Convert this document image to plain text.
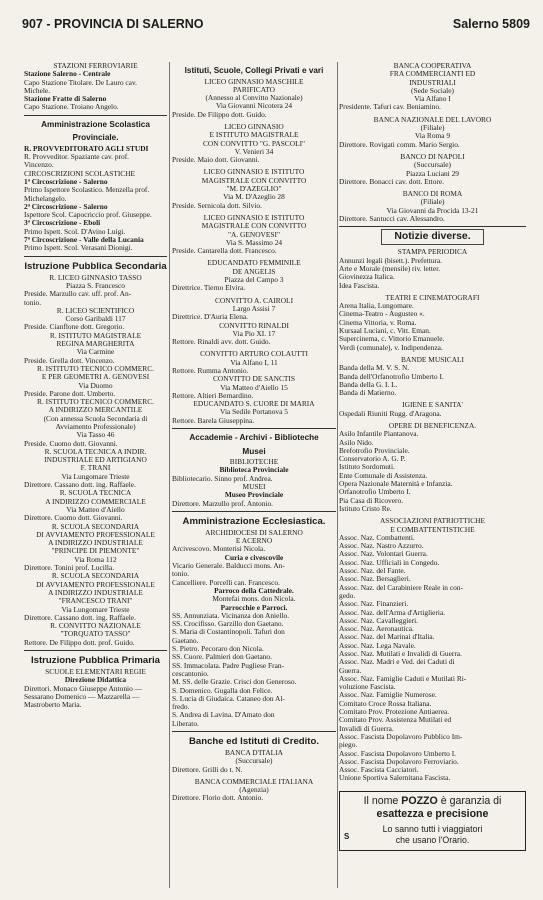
907 - PROVINCIA DI SALERNO	Salerno 5809
STAZIONI FERROVIARIE
Stazione Salerno - Centrale
Capo Stazione Titolare. De Lauro cav.
Michele.
Stazione Fratte di Salerno
Capo Stazione. Troiano Angelo.
Amministrazione Scolastica
Provinciale.
R. PROVVEDITORATO AGLI STUDI
R. Provveditor. Spaziante cav. prof.
Vincenzo.
CIRCOSCRIZIONI SCOLASTICHE
1ª Circoscrizione - Salerno
Primo Ispettore Scolastico. Menzella prof.
Michelangelo.
2ª Circoscrizione - Salerno
Ispettore Scol. Capocriccio prof. Giuseppe.
3ª Circoscrizione - Eboli
Primo Ispett. Scol. D'Avino Luigi.
7ª Circoscrizione - Valle della Lucania
Primo Ispett. Scol. Verasani Dionigi.
Istruzione Pubblica Secondaria
R. LICEO GINNASIO TASSO
Piazza S. Francesco
Preside. Marzullo cav. uff. prof. An-
tonio.
R. LICEO SCIENTIFICO
Corso Garibaldi 117
Preside. Cianflone dott. Gregorio.
R. ISTITUTO MAGISTRALE
REGINA MARGHERITA
Via Carmine
Preside. Grella dott. Vincenzo.
R. ISTITUTO TECNICO COMMERC.
E PER GEOMETRI A. GENOVESI
Via Duomo
Preside. Parone dott. Umberto.
R. ISTITUTO TECNICO COMMERC.
A INDIRIZZO MERCANTILE
(Con annessa Scuola Secondaria di
Avviamento Professionale)
Via Tasso 46
Preside. Cuomo dott. Giovanni.
R. SCUOLA TECNICA A INDIR.
INDUSTRIALE ED ARTIGIANO
F. TRANI
Via Lungomare Trieste
Direttore. Cassano dott. ing. Raffaele.
R. SCUOLA TECNICA
A INDIRIZZO COMMERCIALE
Via Matteo d'Aiello
Direttore. Cuomo dott. Giovanni.
R. SCUOLA SECONDARIA
DI AVVIAMENTO PROFESSIONALE
A INDIRIZZO INDUSTRIALE
"PRINCIPE DI PIEMONTE"
Via Roma 112
Direttore. Tonini prof. Lucilla.
R. SCUOLA SECONDARIA
DI AVVIAMENTO PROFESSIONALE
A INDIRIZZO INDUSTRIALE
"FRANCESCO TRANI"
Via Lungomare Trieste
Direttore. Cassano dott. ing. Raffaele.
R. CONVITTO NAZIONALE
"TORQUATO TASSO"
Rettore. De Filippo dott. prof. Guido.
Istruzione Pubblica Primaria
SCUOLE ELEMENTARI REGIE
Direzione Didattica
Direttori. Monaco Giuseppe Antonio —
Sessarano Domenico — Mazzarella —
Mastroberto Maria.
Istituti, Scuole, Collegi Privati e vari
LICEO GINNASIO MASCHILE
PARIFICATO
(Annesso al Convitto Nazionale)
Via Giovanni Nicotera 24
Preside. De Filippo dott. Guido.
LICEO GINNASIO
E ISTITUTO MAGISTRALE
CON CONVITTO "G. PASCOLI"
V. Venieri 34
Preside. Maio dott. Giovanni.
LICEO GINNASIO E ISTITUTO
MAGISTRALE CON CONVITTO
"M. D'AZEGLIO"
Via M. D'Azeglio 28
Preside. Sernicola dott. Silvio.
LICEO GINNASIO E ISTITUTO
MAGISTRALE CON CONVITTO
"A. GENOVESI"
Via S. Massimo 24
Preside. Cantarella dott. Francesco.
EDUCANDATO FEMMINILE
DE ANGELIS
Piazza del Campo 3
Direttrice. Tierno Elvira.
CONVITTO A. CAIROLI
Largo Assisi 7
Direttrice. D'Auria Elena.
CONVITTO RINALDI
Via Pio XI. 17
Rettore. Rinaldi avv. dott. Guido.
CONVITTO ARTURO COLAUTTI
Via Alfano I, 11
Rettore. Rumma Antonio.
CONVITTO DE SANCTIS
Via Matteo d'Aiello 15
Rettore. Altieri Bernardino.
EDUCANDATO S. CUORE DI MARIA
Via Sedile Portanova 5
Rettore. Barela Giuseppina.
Accademie - Archivi - Biblioteche
Musei
BIBLIOTECHE
Biblioteca Provinciale
Bibliotecario. Sinno prof. Andrea.
MUSEI
Museo Provinciale
Direttore. Marzullo prof. Antonio.
Amministrazione Ecclesiastica.
ARCHIDIOCESI DI SALERNO
E ACERNO
Arcivescovo. Monterisi Nicola.
Curia e civescovile
Vicario Generale. Balducci mons. An-
tonio.
Cancelliere. Porcelli can. Francesco.
Parroco della Cattedrale.
Montefai mons. don Nicola.
Parrocchie e Parroci.
SS. Annunziata. Vicinanza don Aniello.
SS. Crocifisso. Garzillo don Gaetano.
S. Maria di Costantinopoli. Tafuri don
Gaetano.
S. Pietro. Pecoraro don Nicola.
SS. Cuore. Palmieri don Gaetano.
SS. Immacolata. Padre Pugliese Fran-
cescantonio.
M. SS. delle Grazie. Crisci don Generoso.
S. Domenico. Gugalla don Felice.
S. Lucia di Giudaica. Cataneo don Al-
fredo.
S. Andrea di Lavina. D'Amato don
Liberato.
Banche ed Istituti di Credito.
BANCA D'ITALIA
(Succursale)
Direttore. Grilli do t. N.
BANCA COMMERCIALE ITALIANA
(Agenzia)
Direttore. Florio dott. Antonio.
BANCA COOPERATIVA
FRA COMMERCIANTI ED
INDUSTRIALI
(Sede Sociale)
Via Alfano I
Presidente. Tafuri cav. Beniamino.
BANCA NAZIONALE DEL LAVORO
(Filiale)
Via Roma 9
Direttore. Rovigati comm. Mario Sergio.
BANCO DI NAPOLI
(Succursale)
Piazza Luciani 29
Direttore. Bonacci cav. dott. Ettore.
BANCO DI ROMA
(Filiale)
Via Giovanni da Procida 13-21
Direttore. Santucci cav. Alessandro.
Notizie diverse.
STAMPA PERIODICA
Annunzi legali (bisett.). Prefettura.
Arte e Morale (mensile) riv. letter.
Giovinezza Italica.
Idea Fascista.
TEATRI E CINEMATOGRAFI
Arena Italia, Lungomare.
Cinema-Teatro - Augusteo «.
Cinema Vittoria, v. Roma.
Kursaal Luciani, c. Vitt. Eman.
Supercinema, c. Vittorio Emanuele.
Verdi (comunale), v. Indipendenza.
BANDE MUSICALI
Banda della M. V. S. N.
Banda dell'Orfanotrofio Umberto I.
Banda della G. I. L.
Banda di Matierno.
IGIENE E SANITA'
Ospedali Riuniti Rugg. d'Aragona.
OPERE DI BENEFICENZA.
Asilo Infantile Piantanova.
Asilo Nido.
Brefotrofio Provinciale.
Conservatorio A. G. P.
Istituto Sordomuti.
Ente Comunale di Assistenza.
Opera Nazionale Maternità e Infanzia.
Orfanotrofio Umberto I.
Pia Casa di Ricovero.
Istituto Cristo Re.
ASSOCIAZIONI PATRIOTTICHE
E COMBATTENTISTICHE
Assoc. Naz. Combattenti.
Assoc. Naz. Nastro Azzurro.
Assoc. Naz. Volontari Guerra.
Assoc. Naz. Ufficiali in Congedo.
Assoc. Naz. del Fante.
Assoc. Naz. Bersaglieri.
Assoc. Naz. del Carabiniere Reale in con-
gedo.
Assoc. Naz. Finanzieri.
Assoc. Naz. dell'Arma d'Artiglieria.
Assoc. Naz. Cavalleggieri.
Assoc. Naz. Aeronautica.
Assoc. Naz. del Marinai d'Italia.
Assoc. Naz. Lega Navale.
Assoc. Naz. Mutilati e Invalidi di Guerra.
Assoc. Naz. Madri e Ved. dei Caduti di
Guerra.
Assoc. Naz. Famiglie Caduti e Mutilati Ri-
voluzione Fascista.
Assoc. Naz. Famiglie Numerose.
Comitato Croce Rossa Italiana.
Comitato Prov. Protezione Antiaerea.
Comitato Prov. Assistenza Mutilati ed
Invalidi di Guerra.
Assoc. Fascista Dopolavoro Pubblico Im-
piego.
Assoc. Fascista Dopolavoro Umberto I.
Assoc. Fascista Dopolavoro Ferroviario.
Assoc. Fascista Cacciatori.
Unione Sportiva Salernitana Fascista.
Il nome POZZO è garanzia di
esattezza e precisione
S
Lo sanno tutti i viaggiatori
che usano l'Orario.
